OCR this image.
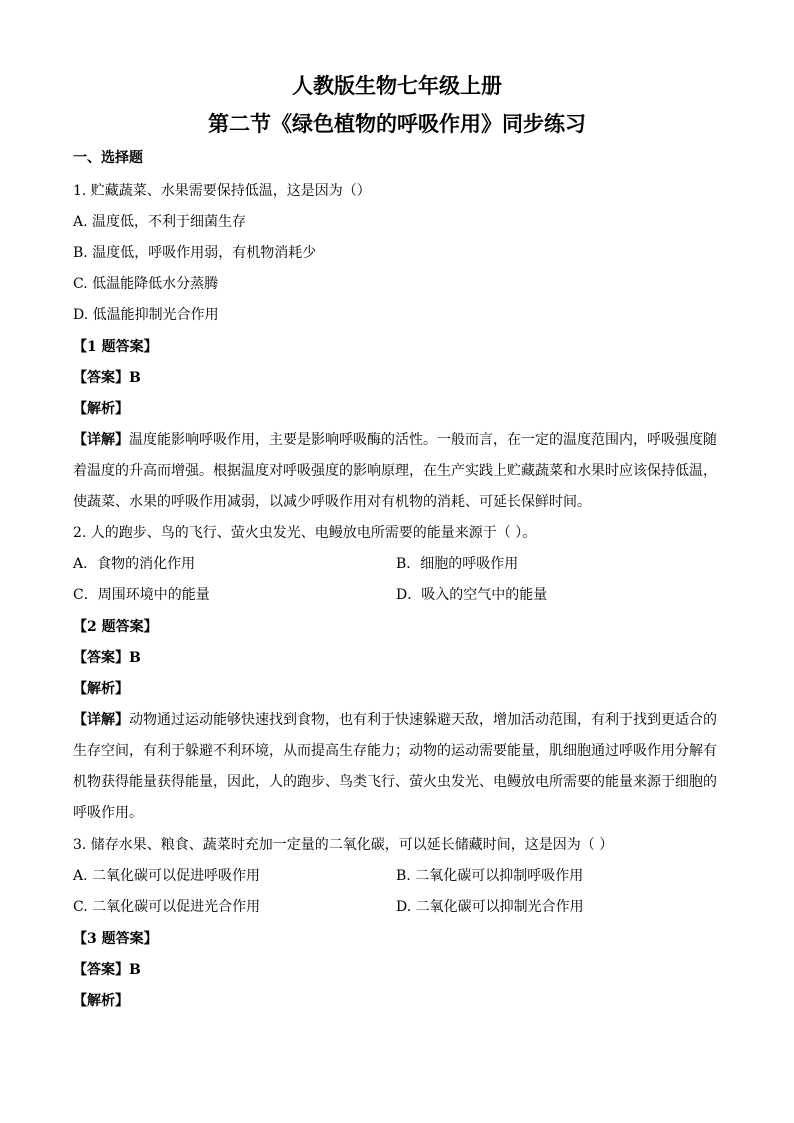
人教版生物七年级上册
第二节《绿色植物的呼吸作用》同步练习
一、选择题
1. 贮藏蔬菜、水果需要保持低温，这是因为（）
A. 温度低，不利于细菌生存
B. 温度低，呼吸作用弱，有机物消耗少
C. 低温能降低水分蒸腾
D. 低温能抑制光合作用
【1 题答案】
【答案】B
【解析】
【详解】温度能影响呼吸作用，主要是影响呼吸酶的活性。一般而言，在一定的温度范围内，呼吸强度随
着温度的升高而增强。根据温度对呼吸强度的影响原理，在生产实践上贮藏蔬菜和水果时应该保持低温，
使蔬菜、水果的呼吸作用减弱，以减少呼吸作用对有机物的消耗、可延长保鲜时间。
2. 人的跑步、鸟的飞行、萤火虫发光、电鳗放电所需要的能量来源于（ ）。
A．食物的消化作用	B．细胞的呼吸作用
C．周围环境中的能量	D．吸入的空气中的能量
【2 题答案】
【答案】B
【解析】
【详解】动物通过运动能够快速找到食物，也有利于快速躲避天敌，增加活动范围，有利于找到更适合的
生存空间，有利于躲避不利环境，从而提高生存能力；动物的运动需要能量，肌细胞通过呼吸作用分解有
机物获得能量获得能量，因此，人的跑步、鸟类飞行、萤火虫发光、电鳗放电所需要的能量来源于细胞的
呼吸作用。
3. 储存水果、粮食、蔬菜时充加一定量的二氧化碳，可以延长储藏时间，这是因为（ ）
A. 二氧化碳可以促进呼吸作用	B. 二氧化碳可以抑制呼吸作用
C. 二氧化碳可以促进光合作用	D. 二氧化碳可以抑制光合作用
【3 题答案】
【答案】B
【解析】
